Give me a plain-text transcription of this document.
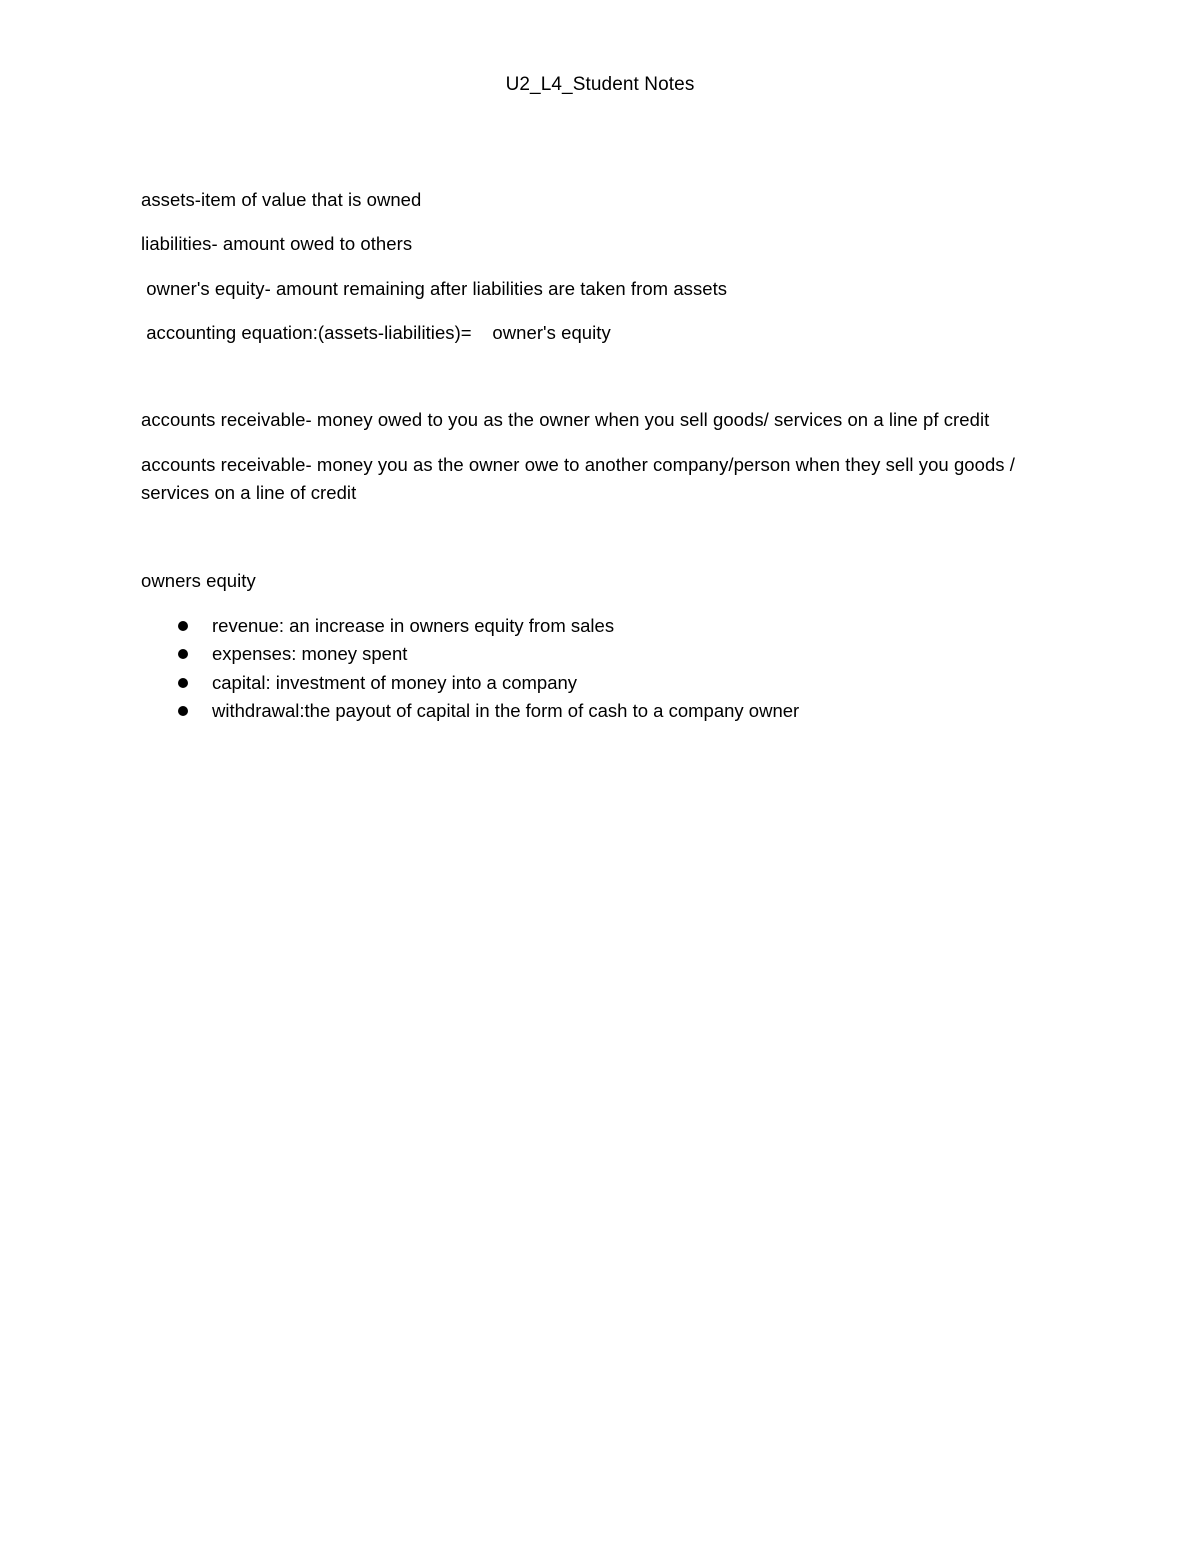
U2_L4_Student Notes
assets-item of value that is owned
liabilities- amount owed to others
owner's equity- amount remaining after liabilities are taken from assets
accounting equation:(assets-liabilities)=    owner's equity
accounts receivable- money owed to you as the owner when you sell goods/ services on a line pf credit
accounts receivable- money you as the owner owe to another company/person when they sell you goods / services on a line of credit
owners equity
revenue: an increase in owners equity from sales
expenses: money spent
capital: investment of money into a company
withdrawal:the payout of capital in the form of cash to a company owner
